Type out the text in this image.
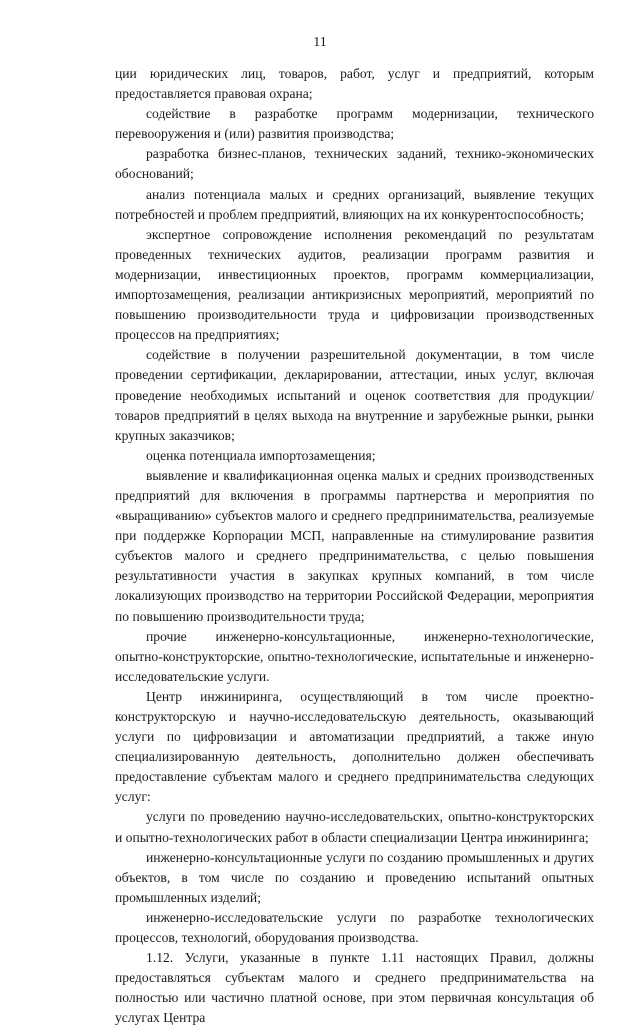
11

ции юридических лиц, товаров, работ, услуг и предприятий, которым предоставляется правовая охрана;

содействие в разработке программ модернизации, технического перевооружения и (или) развития производства;

разработка бизнес-планов, технических заданий, технико-экономических обоснований;

анализ потенциала малых и средних организаций, выявление текущих потребностей и проблем предприятий, влияющих на их конкурентоспособность;

экспертное сопровождение исполнения рекомендаций по результатам проведенных технических аудитов, реализации программ развития и модернизации, инвестиционных проектов, программ коммерциализации, импортозамещения, реализации антикризисных мероприятий, мероприятий по повышению производительности труда и цифровизации производственных процессов на предприятиях;

содействие в получении разрешительной документации, в том числе проведении сертификации, декларировании, аттестации, иных услуг, включая проведение необходимых испытаний и оценок соответствия для продукции/товаров предприятий в целях выхода на внутренние и зарубежные рынки, рынки крупных заказчиков;

оценка потенциала импортозамещения;

выявление и квалификационная оценка малых и средних производственных предприятий для включения в программы партнерства и мероприятия по «выращиванию» субъектов малого и среднего предпринимательства, реализуемые при поддержке Корпорации МСП, направленные на стимулирование развития субъектов малого и среднего предпринимательства, с целью повышения результативности участия в закупках крупных компаний, в том числе локализующих производство на территории Российской Федерации, мероприятия по повышению производительности труда;

прочие инженерно-консультационные, инженерно-технологические, опытно-конструкторские, опытно-технологические, испытательные и инженерно-исследовательские услуги.

Центр инжиниринга, осуществляющий в том числе проектно-конструкторскую и научно-исследовательскую деятельность, оказывающий услуги по цифровизации и автоматизации предприятий, а также иную специализированную деятельность, дополнительно должен обеспечивать предоставление субъектам малого и среднего предпринимательства следующих услуг:

услуги по проведению научно-исследовательских, опытно-конструкторских и опытно-технологических работ в области специализации Центра инжиниринга;

инженерно-консультационные услуги по созданию промышленных и других объектов, в том числе по созданию и проведению испытаний опытных промышленных изделий;

инженерно-исследовательские услуги по разработке технологических процессов, технологий, оборудования производства.

1.12. Услуги, указанные в пункте 1.11 настоящих Правил, должны предоставляться субъектам малого и среднего предпринимательства на полностью или частично платной основе, при этом первичная консультация об услугах Центра
